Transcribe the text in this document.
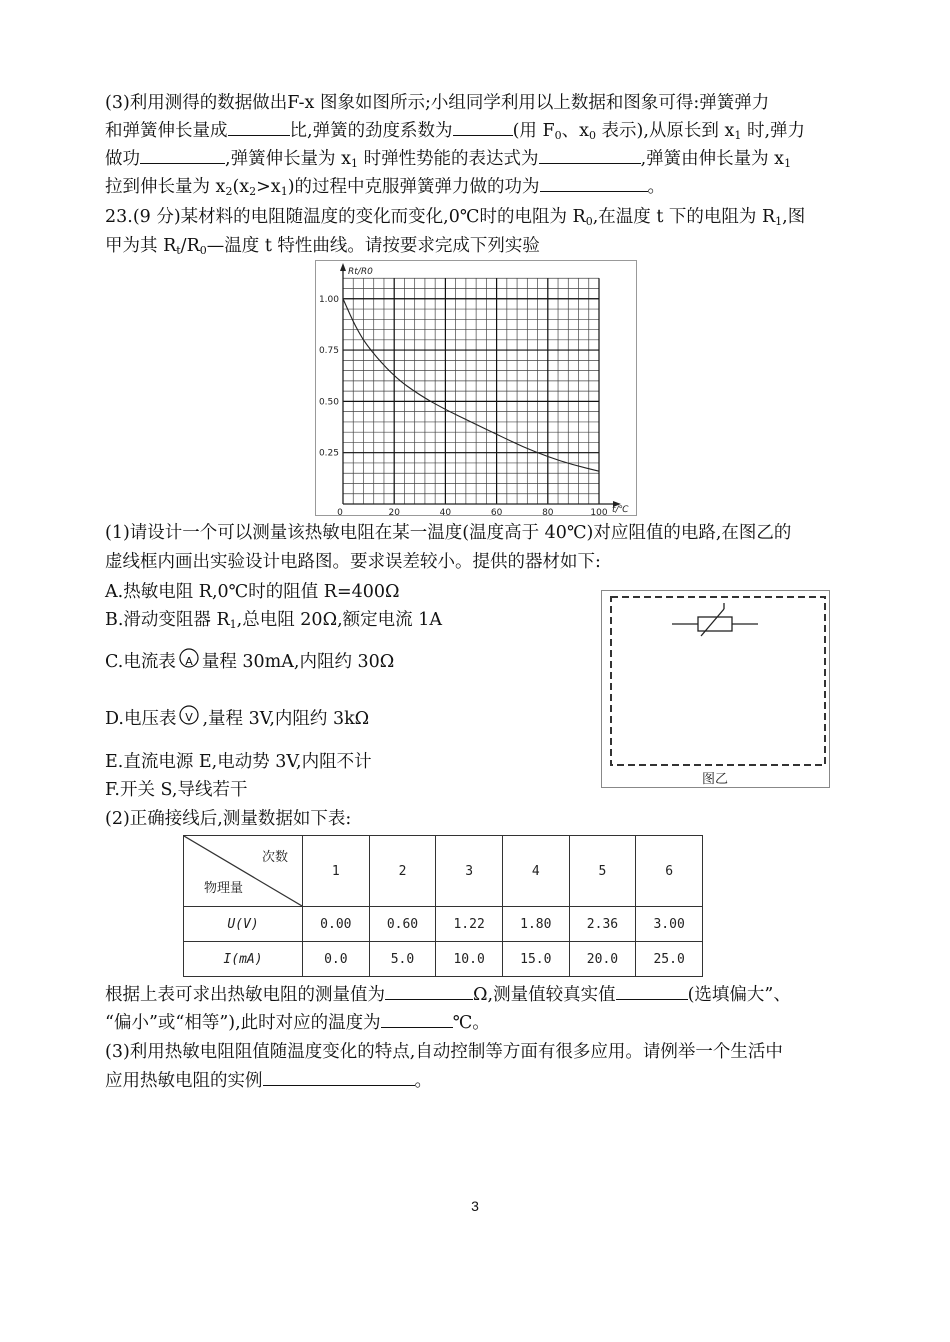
(3)利用测得的数据做出F-x 图象如图所示;小组同学利用以上数据和图象可得:弹簧弹力
和弹簧伸长量成	比,弹簧的劲度系数为	(用 $F_0$、$x_0$ 表示),从原长到 $x_1$ 时,弹力
做功	,弹簧伸长量为 $x_1$ 时弹性势能的表达式为	,弹簧由伸长量为 $x_1$
拉到伸长量为 $x_2(x_2>x_1)$的过程中克服弹簧弹力做的功为	。
23.(9 分)某材料的电阻随温度的变化而变化,0℃时的电阻为 $R_0$,在温度 t 下的电阻为 $R_1$,图
甲为其 $R_t/R_0—$温度 t 特性曲线。请按要求完成下列实验
0.25
0.50
0.75
1.00
0	20	40	60	80	100
Rt/R0
t/℃
(1)请设计一个可以测量该热敏电阻在某一温度(温度高于 40℃)对应阻值的电路,在图乙的
虚线框内画出实验设计电路图。要求误差较小。提供的器材如下:
A.热敏电阻 R,0℃时的阻值 R=400Ω
B.滑动变阻器 $R_1$,总电阻 20Ω,额定电流 1A
C.电流表 A 量程 30mA,内阻约 30Ω
D.电压表 V ,量程 3V,内阻约 3kΩ
E.直流电源 E,电动势 3V,内阻不计
F.开关 S,导线若干
图乙
(2)正确接线后,测量数据如下表:
次数
物理量	1	2	3	4	5	6
U(V)	0.00	0.60	1.22	1.80	2.36	3.00
I(mA)	0.0	5.0	10.0	15.0	20.0	25.0
根据上表可求出热敏电阻的测量值为	Ω,测量值较真实值	(选填偏大”、
“偏小”或“相等”),此时对应的温度为	℃。
(3)利用热敏电阻阻值随温度变化的特点,自动控制等方面有很多应用。请例举一个生活中
应用热敏电阻的实例	。
3
